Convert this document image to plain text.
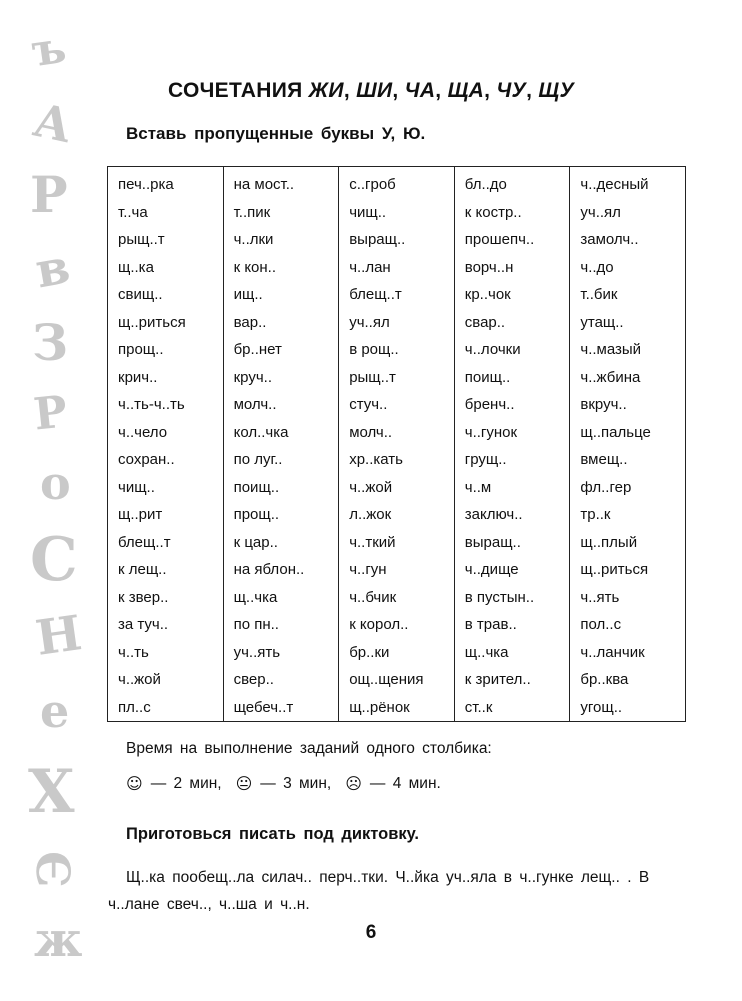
ъ
А
Р
в
З
Р
о
С
Н
е
Х
Э
ж
СОЧЕТАНИЯ ЖИ, ШИ, ЧА, ЩА, ЧУ, ЩУ
Вставь пропущенные буквы У, Ю.
печ..рка	на мост..	с..гроб	бл..до	ч..десный
т..ча	т..пик	чищ..	к костр..	уч..ял
рыщ..т	ч..лки	выращ..	прошепч..	замолч..
щ..ка	к кон..	ч..лан	ворч..н	ч..до
свищ..	ищ..	блещ..т	кр..чок	т..бик
щ..риться	вар..	уч..ял	свар..	утащ..
прощ..	бр..нет	в рощ..	ч..лочки	ч..мазый
крич..	круч..	рыщ..т	поищ..	ч..жбина
ч..ть-ч..ть	молч..	стуч..	бренч..	вкруч..
ч..чело	кол..чка	молч..	ч..гунок	щ..пальце
сохран..	по луг..	хр..кать	грущ..	вмещ..
чищ..	поищ..	ч..жой	ч..м	фл..гер
щ..рит	прощ..	л..жок	заключ..	тр..к
блещ..т	к цар..	ч..ткий	выращ..	щ..плый
к лещ..	на яблон..	ч..гун	ч..дище	щ..риться
к звер..	щ..чка	ч..бчик	в пустын..	ч..ять
за туч..	по пн..	к корол..	в трав..	пол..с
ч..ть	уч..ять	бр..ки	щ..чка	ч..ланчик
ч..жой	свер..	ощ..щения	к зрител..	бр..ква
пл..с	щебеч..т	щ..рёнок	ст..к	угощ..
Время на выполнение заданий одного столбика:
☺ — 2 мин, 😐 — 3 мин, ☹ — 4 мин.
Приготовься писать под диктовку.
Щ..ка пообещ..ла силач.. перч..тки. Ч..йка уч..яла в ч..гунке лещ.. . В ч..лане свеч.., ч..ша и ч..н.
6
